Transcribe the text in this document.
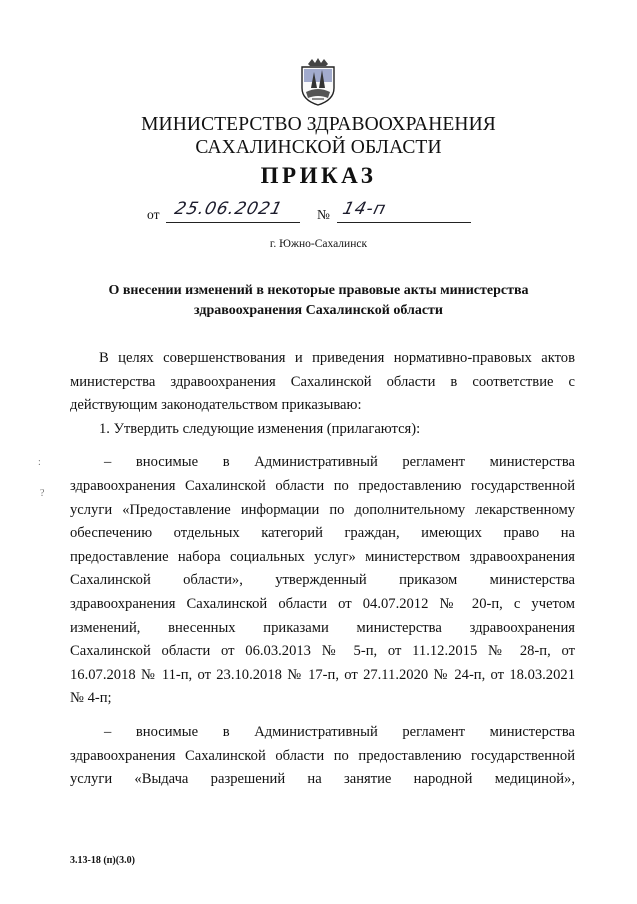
МИНИСТЕРСТВО ЗДРАВООХРАНЕНИЯ
САХАЛИНСКОЙ ОБЛАСТИ
ПРИКАЗ
от 25.06.2021 № 14-п
г. Южно-Сахалинск
О внесении изменений в некоторые правовые акты министерства
здравоохранения Сахалинской области

В целях совершенствования и приведения нормативно-правовых актов

министерства здравоохранения Сахалинской области в соответствие с

действующим законодательством приказываю:

1. Утвердить следующие изменения (прилагаются):

– вносимые в Административный регламент министерства

здравоохранения Сахалинской области по предоставлению государственной

услуги «Предоставление информации по дополнительному лекарственному

обеспечению отдельных категорий граждан, имеющих право на

предоставление набора социальных услуг» министерством здравоохранения

Сахалинской области», утвержденный приказом министерства

здравоохранения Сахалинской области от 04.07.2012 № 20-п, с учетом

изменений, внесенных приказами министерства здравоохранения

Сахалинской области от 06.03.2013 № 5-п, от 11.12.2015 № 28-п, от

16.07.2018 № 11-п, от 23.10.2018 № 17-п, от 27.11.2020 № 24-п, от 18.03.2021

№ 4-п;

– вносимые в Административный регламент министерства

здравоохранения Сахалинской области по предоставлению государственной

услуги «Выдача разрешений на занятие народной медициной»,

:
?
3.13-18 (п)(3.0)
